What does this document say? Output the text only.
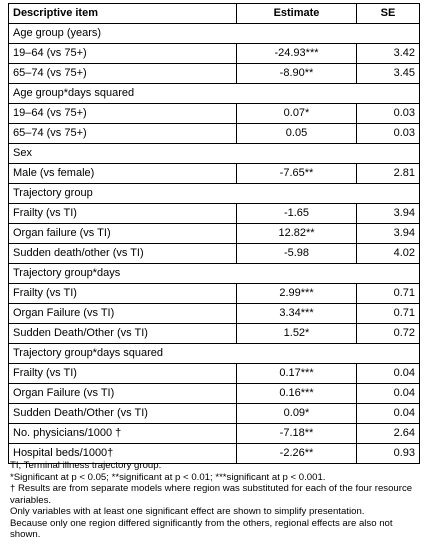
Descriptive item	Estimate	SE
Age group (years)		
19–64 (vs 75+)	-24.93***	3.42
65–74 (vs 75+)	-8.90**	3.45
Age group*days squared		
19–64 (vs 75+)	0.07*	0.03
65–74 (vs 75+)	0.05	0.03
Sex		
Male (vs female)	-7.65**	2.81
Trajectory group		
Frailty (vs TI)	-1.65	3.94
Organ failure (vs TI)	12.82**	3.94
Sudden death/other (vs TI)	-5.98	4.02
Trajectory group*days		
Frailty (vs TI)	2.99***	0.71
Organ Failure (vs TI)	3.34***	0.71
Sudden Death/Other (vs TI)	1.52*	0.72
Trajectory group*days squared		
Frailty (vs TI)	0.17***	0.04
Organ Failure (vs TI)	0.16***	0.04
Sudden Death/Other (vs TI)	0.09*	0.04
No. physicians/1000 †	-7.18**	2.64
Hospital beds/1000†	-2.26**	0.93
TI, Terminal illness trajectory group.
*Significant at p < 0.05; **significant at p < 0.01; ***significant at p < 0.001.
† Results are from separate models where region was substituted for each of the four resource variables.
Only variables with at least one significant effect are shown to simplify presentation.
Because only one region differed significantly from the others, regional effects are also not shown.
